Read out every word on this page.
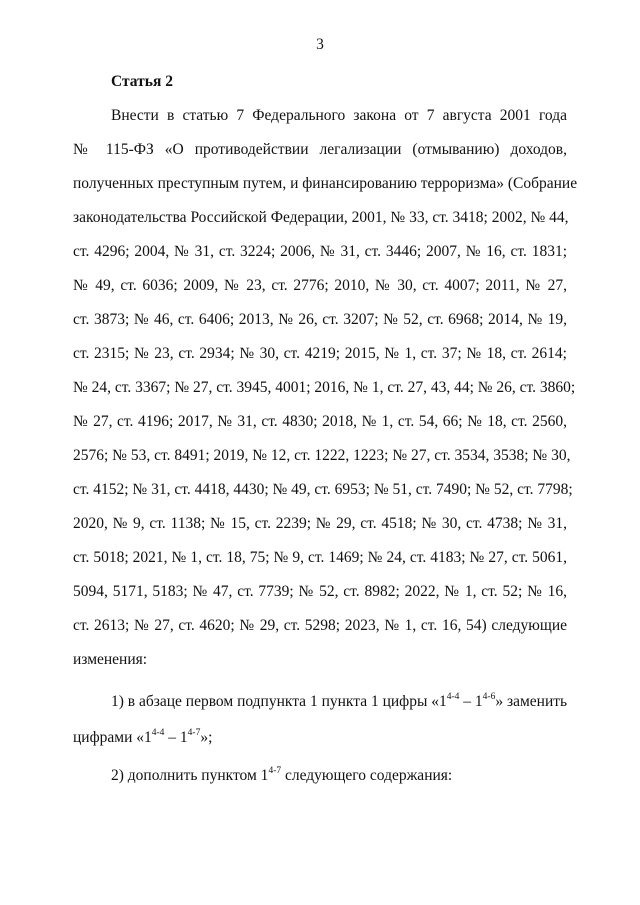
3
Статья 2
Внести в статью 7 Федерального закона от 7 августа 2001 года
№ 115-ФЗ «О противодействии легализации (отмыванию) доходов,
полученных преступным путем, и финансированию терроризма» (Собрание
законодательства Российской Федерации, 2001, № 33, ст. 3418; 2002, № 44,
ст. 4296; 2004, № 31, ст. 3224; 2006, № 31, ст. 3446; 2007, № 16, ст. 1831;
№ 49, ст. 6036; 2009, № 23, ст. 2776; 2010, № 30, ст. 4007; 2011, № 27,
ст. 3873; № 46, ст. 6406; 2013, № 26, ст. 3207; № 52, ст. 6968; 2014, № 19,
ст. 2315; № 23, ст. 2934; № 30, ст. 4219; 2015, № 1, ст. 37; № 18, ст. 2614;
№ 24, ст. 3367; № 27, ст. 3945, 4001; 2016, № 1, ст. 27, 43, 44; № 26, ст. 3860;
№ 27, ст. 4196; 2017, № 31, ст. 4830; 2018, № 1, ст. 54, 66; № 18, ст. 2560,
2576; № 53, ст. 8491; 2019, № 12, ст. 1222, 1223; № 27, ст. 3534, 3538; № 30,
ст. 4152; № 31, ст. 4418, 4430; № 49, ст. 6953; № 51, ст. 7490; № 52, ст. 7798;
2020, № 9, ст. 1138; № 15, ст. 2239; № 29, ст. 4518; № 30, ст. 4738; № 31,
ст. 5018; 2021, № 1, ст. 18, 75; № 9, ст. 1469; № 24, ст. 4183; № 27, ст. 5061,
5094, 5171, 5183; № 47, ст. 7739; № 52, ст. 8982; 2022, № 1, ст. 52; № 16,
ст. 2613; № 27, ст. 4620; № 29, ст. 5298; 2023, № 1, ст. 16, 54) следующие
изменения:
1) в абзаце первом подпункта 1 пункта 1 цифры «1$^{4-4}$ – 1$^{4-6}$» заменить
цифрами «1$^{4-4}$ – 1$^{4-7}$»;
2) дополнить пунктом 1$^{4-7}$ следующего содержания:
